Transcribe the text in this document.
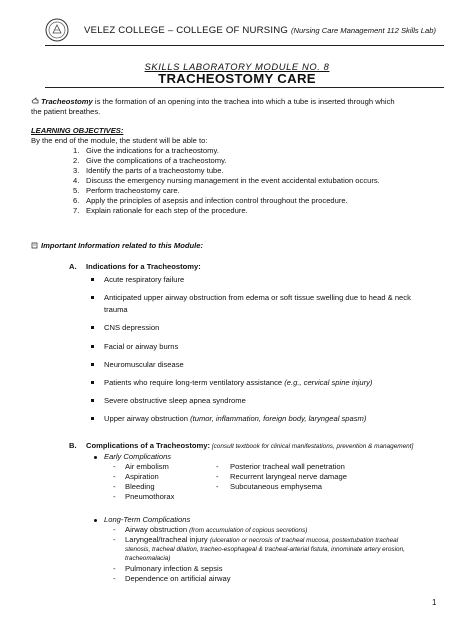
VELEZ COLLEGE – COLLEGE OF NURSING (Nursing Care Management 112 Skills Lab)
SKILLS LABORATORY MODULE NO. 8
TRACHEOSTOMY CARE
Tracheostomy is the formation of an opening into the trachea into which a tube is inserted through which
the patient breathes.
LEARNING OBJECTIVES:
By the end of the module, the student will be able to:
1. Give the indications for a tracheostomy.
2. Give the complications of a tracheostomy.
3. Identify the parts of a tracheostomy tube.
4. Discuss the emergency nursing management in the event accidental extubation occurs.
5. Perform tracheostomy care.
6. Apply the principles of asepsis and infection control throughout the procedure.
7. Explain rationale for each step of the procedure.
Important Information related to this Module:
A. Indications for a Tracheostomy:
Acute respiratory failure
Anticipated upper airway obstruction from edema or soft tissue swelling due to head & neck
trauma
CNS depression
Facial or airway burns
Neuromuscular disease
Patients who require long-term ventilatory assistance (e.g., cervical spine injury)
Severe obstructive sleep apnea syndrome
Upper airway obstruction (tumor, inflammation, foreign body, laryngeal spasm)
B. Complications of a Tracheostomy: [consult textbook for clinical manifestations, prevention & management]
Early Complications
- Air embolism
- Aspiration
- Bleeding
- Pneumothorax
- Posterior tracheal wall penetration
- Recurrent laryngeal nerve damage
- Subcutaneous emphysema
Long-Term Complications
- Airway obstruction (from accumulation of copious secretions)
- Laryngeal/tracheal injury (ulceration or necrosis of tracheal mucosa, postextubation tracheal
stenosis, tracheal dilation, tracheo-esophageal & tracheal-arterial fistula, innominate artery erosion,
tracheomalacia)
- Pulmonary infection & sepsis
- Dependence on artificial airway
1
